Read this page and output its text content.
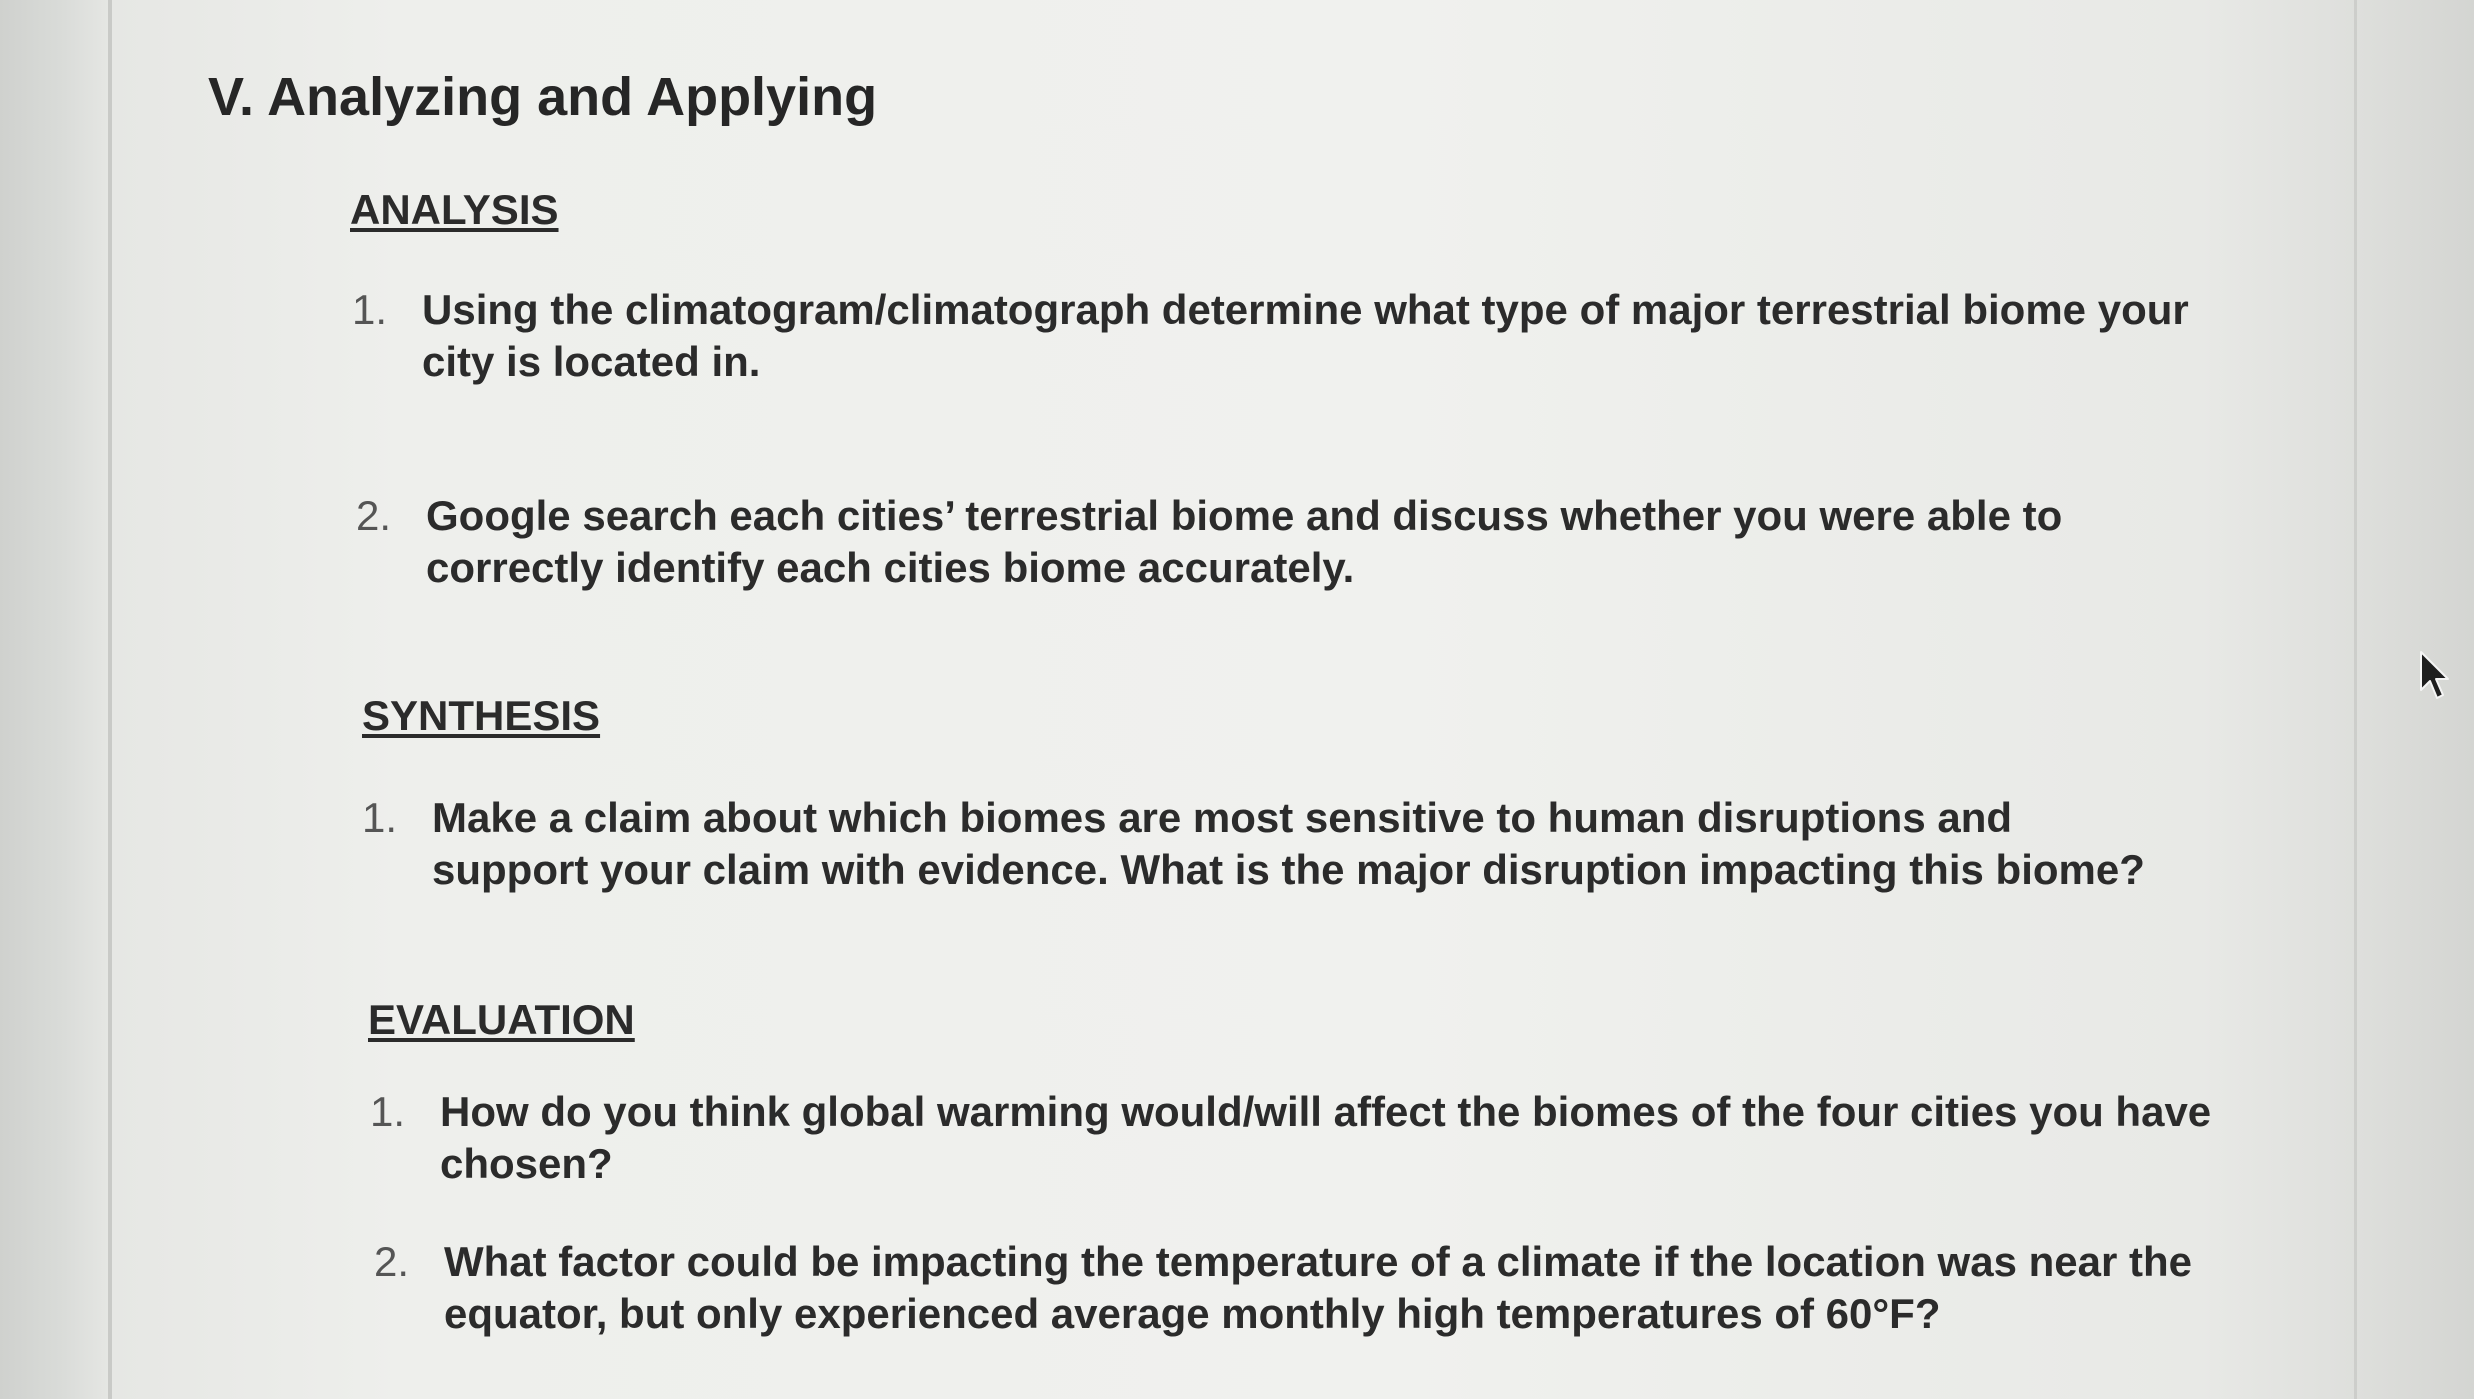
V. Analyzing and Applying
ANALYSIS
1. Using the climatogram/climatograph determine what type of major terrestrial biome your city is located in.
2. Google search each cities’ terrestrial biome and discuss whether you were able to correctly identify each cities biome accurately.
SYNTHESIS
1. Make a claim about which biomes are most sensitive to human disruptions and support your claim with evidence. What is the major disruption impacting this biome?
EVALUATION
1. How do you think global warming would/will affect the biomes of the four cities you have chosen?
2. What factor could be impacting the temperature of a climate if the location was near the equator, but only experienced average monthly high temperatures of 60°F?
